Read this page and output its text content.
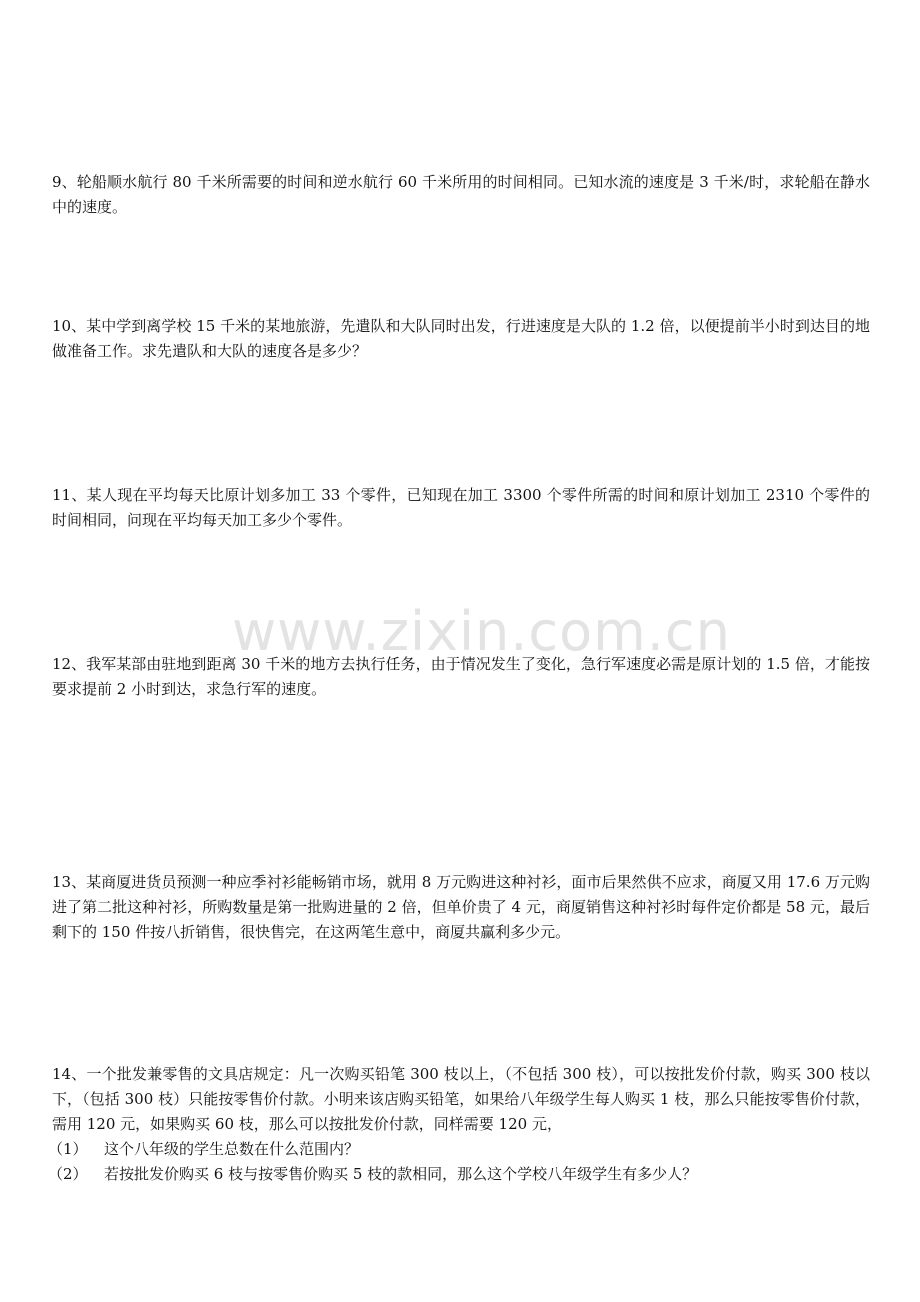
www.zixin.com.cn

9、轮船顺水航行 80 千米所需要的时间和逆水航行 60 千米所用的时间相同。已知水流的速度是 3 千米/时，求轮船在静水中的速度。

10、某中学到离学校 15 千米的某地旅游，先遣队和大队同时出发，行进速度是大队的 1.2 倍，以便提前半小时到达目的地做准备工作。求先遣队和大队的速度各是多少？

11、某人现在平均每天比原计划多加工 33 个零件，已知现在加工 3300 个零件所需的时间和原计划加工 2310 个零件的时间相同，问现在平均每天加工多少个零件。

12、我军某部由驻地到距离 30 千米的地方去执行任务，由于情况发生了变化，急行军速度必需是原计划的 1.5 倍，才能按要求提前 2 小时到达，求急行军的速度。

13、某商厦进货员预测一种应季衬衫能畅销市场，就用 8 万元购进这种衬衫，面市后果然供不应求，商厦又用 17.6 万元购进了第二批这种衬衫，所购数量是第一批购进量的 2 倍，但单价贵了 4 元，商厦销售这种衬衫时每件定价都是 58 元，最后剩下的 150 件按八折销售，很快售完，在这两笔生意中，商厦共赢利多少元。

14、一个批发兼零售的文具店规定：凡一次购买铅笔 300 枝以上，（不包括 300 枝），可以按批发价付款，购买 300 枝以下，（包括 300 枝）只能按零售价付款。小明来该店购买铅笔，如果给八年级学生每人购买 1 枝，那么只能按零售价付款，需用 120 元，如果购买 60 枝，那么可以按批发价付款，同样需要 120 元，

（1）	这个八年级的学生总数在什么范围内？
（2）	若按批发价购买 6 枝与按零售价购买 5 枝的款相同，那么这个学校八年级学生有多少人？
